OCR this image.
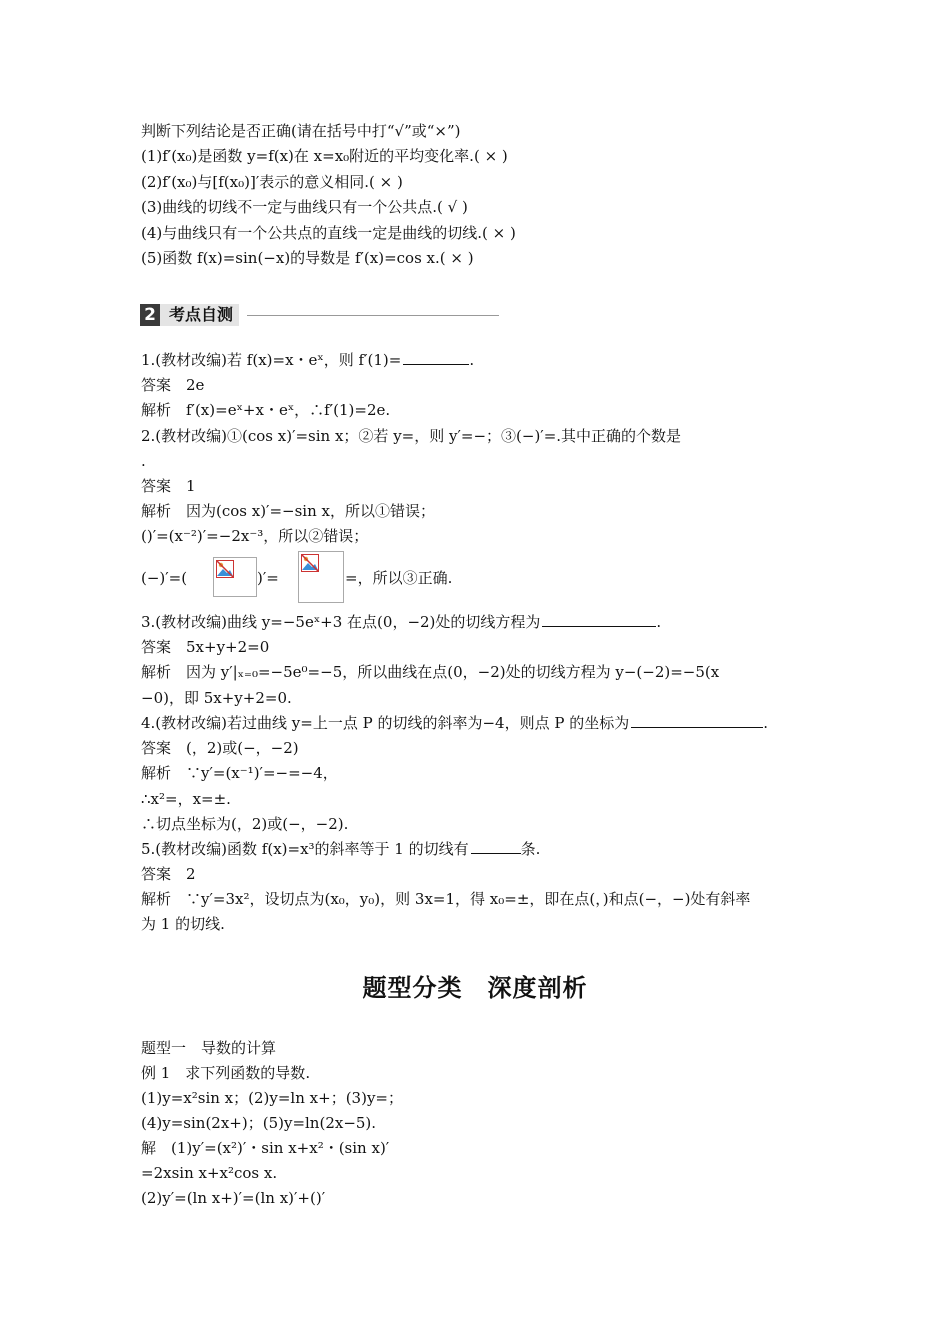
判断下列结论是否正确(请在括号中打“√”或“×”)
(1)f′(x₀)是函数 y=f(x)在 x=x₀附近的平均变化率.( × )
(2)f′(x₀)与[f(x₀)]′表示的意义相同.( × )
(3)曲线的切线不一定与曲线只有一个公共点.( √ )
(4)与曲线只有一个公共点的直线一定是曲线的切线.( × )
(5)函数 f(x)=sin(−x)的导数是 f′(x)=cos x.( × )
2 考点自测
1.(教材改编)若 f(x)=x・eˣ，则 f′(1)=	.
答案　2e
解析　f′(x)=eˣ+x・eˣ，∴f′(1)=2e.
2.(教材改编)①(cos x)′=sin x；②若 y=，则 y′=−；③(−)′=.其中正确的个数是
.
答案　1
解析　因为(cos x)′=−sin x，所以①错误；
()′=(x⁻²)′=−2x⁻³，所以②错误；
(−)′=(	)′=	=，所以③正确.
3.(教材改编)曲线 y=−5eˣ+3 在点(0，−2)处的切线方程为	.
答案　5x+y+2=0
解析　因为 y′|ₓ₌₀=−5e⁰=−5，所以曲线在点(0，−2)处的切线方程为 y−(−2)=−5(x
−0)，即 5x+y+2=0.
4.(教材改编)若过曲线 y=上一点 P 的切线的斜率为−4，则点 P 的坐标为	.
答案　(，2)或(−，−2)
解析　∵y′=(x⁻¹)′=−=−4，
∴x²=，x=±.
∴切点坐标为(，2)或(−，−2).
5.(教材改编)函数 f(x)=x³的斜率等于 1 的切线有	条.
答案　2
解析　∵y′=3x²，设切点为(x₀，y₀)，则 3x=1，得 x₀=±，即在点(，)和点(−，−)处有斜率
为 1 的切线.
题型分类　深度剖析
题型一　导数的计算
例 1　求下列函数的导数.
(1)y=x²sin x；(2)y=ln x+；(3)y=；
(4)y=sin(2x+)；(5)y=ln(2x−5).
解　(1)y′=(x²)′・sin x+x²・(sin x)′
=2xsin x+x²cos x.
(2)y′=(ln x+)′=(ln x)′+()′
